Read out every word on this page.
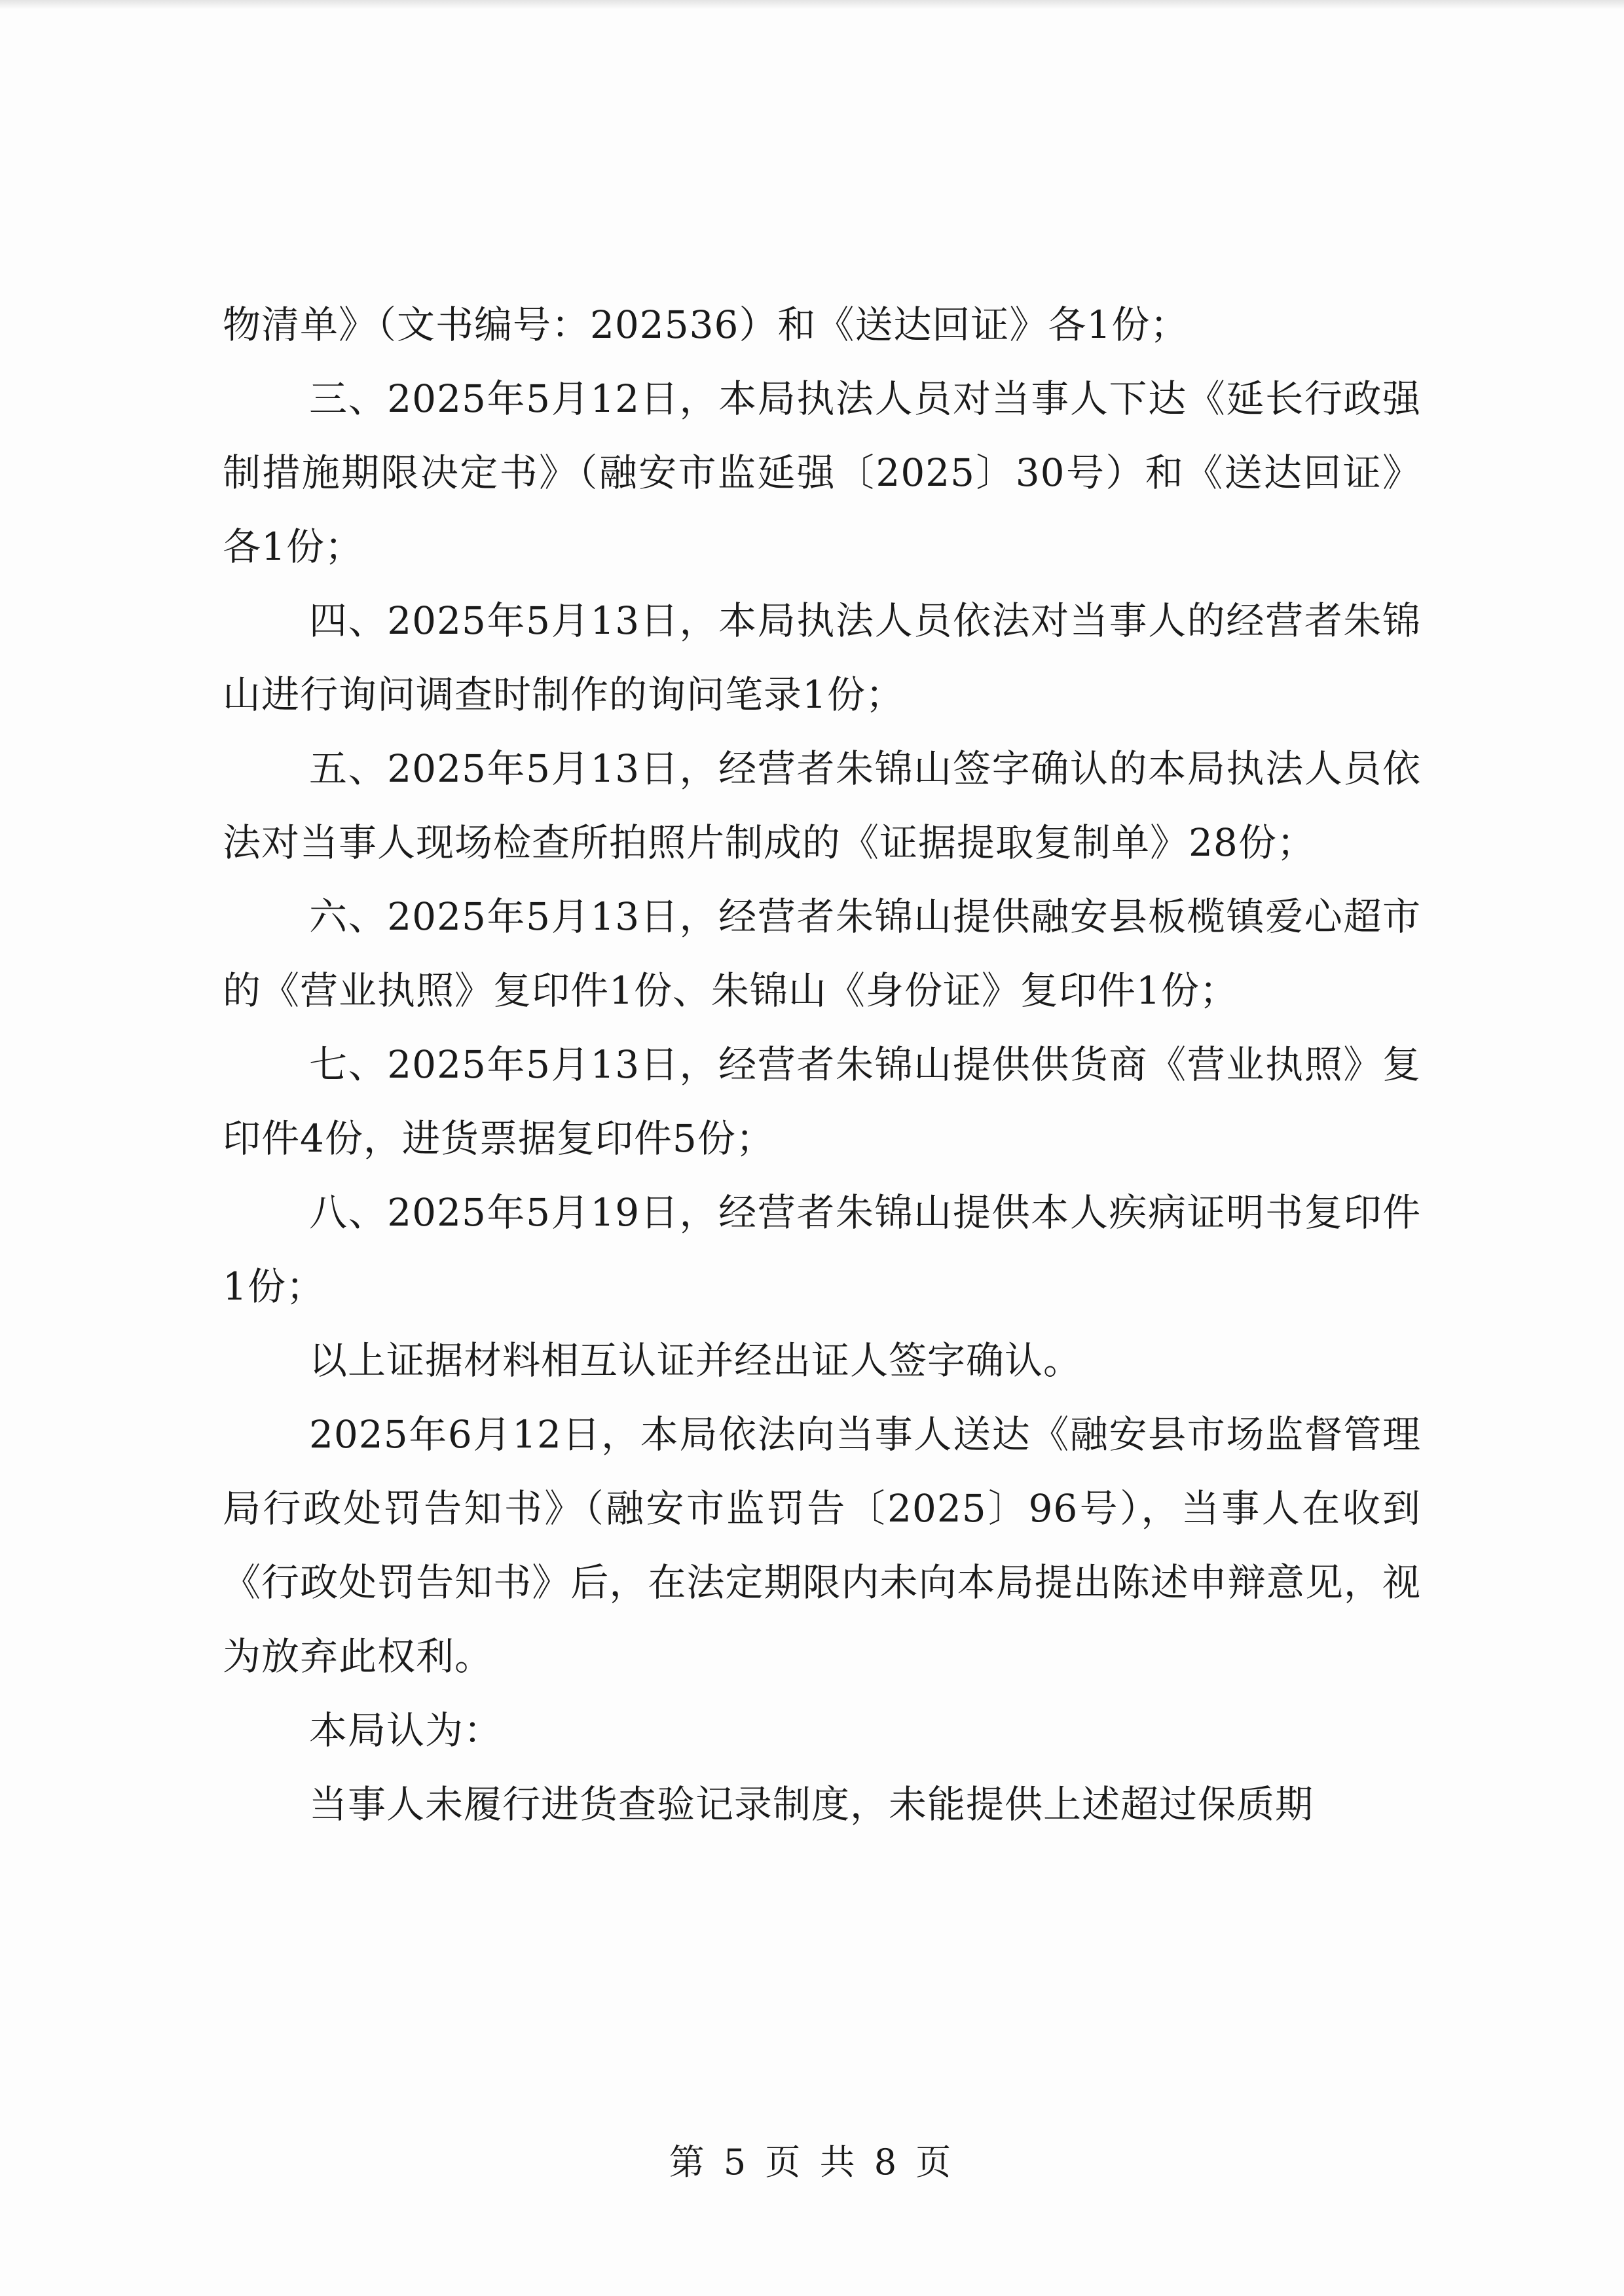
物清单》（文书编号：202536）和《送达回证》各1份；

三、2025年5月12日，本局执法人员对当事人下达《延长行政强制措施期限决定书》（融安市监延强〔2025〕30号）和《送达回证》各1份；

四、2025年5月13日，本局执法人员依法对当事人的经营者朱锦山进行询问调查时制作的询问笔录1份；

五、2025年5月13日，经营者朱锦山签字确认的本局执法人员依法对当事人现场检查所拍照片制成的《证据提取复制单》28份；

六、2025年5月13日，经营者朱锦山提供融安县板榄镇爱心超市的《营业执照》复印件1份、朱锦山《身份证》复印件1份；

七、2025年5月13日，经营者朱锦山提供供货商《营业执照》复印件4份，进货票据复印件5份；

八、2025年5月19日，经营者朱锦山提供本人疾病证明书复印件1份；

以上证据材料相互认证并经出证人签字确认。

2025年6月12日，本局依法向当事人送达《融安县市场监督管理局行政处罚告知书》（融安市监罚告〔2025〕96号），当事人在收到《行政处罚告知书》后，在法定期限内未向本局提出陈述申辩意见，视为放弃此权利。

本局认为：

当事人未履行进货查验记录制度，未能提供上述超过保质期

第 5 页 共 8 页
